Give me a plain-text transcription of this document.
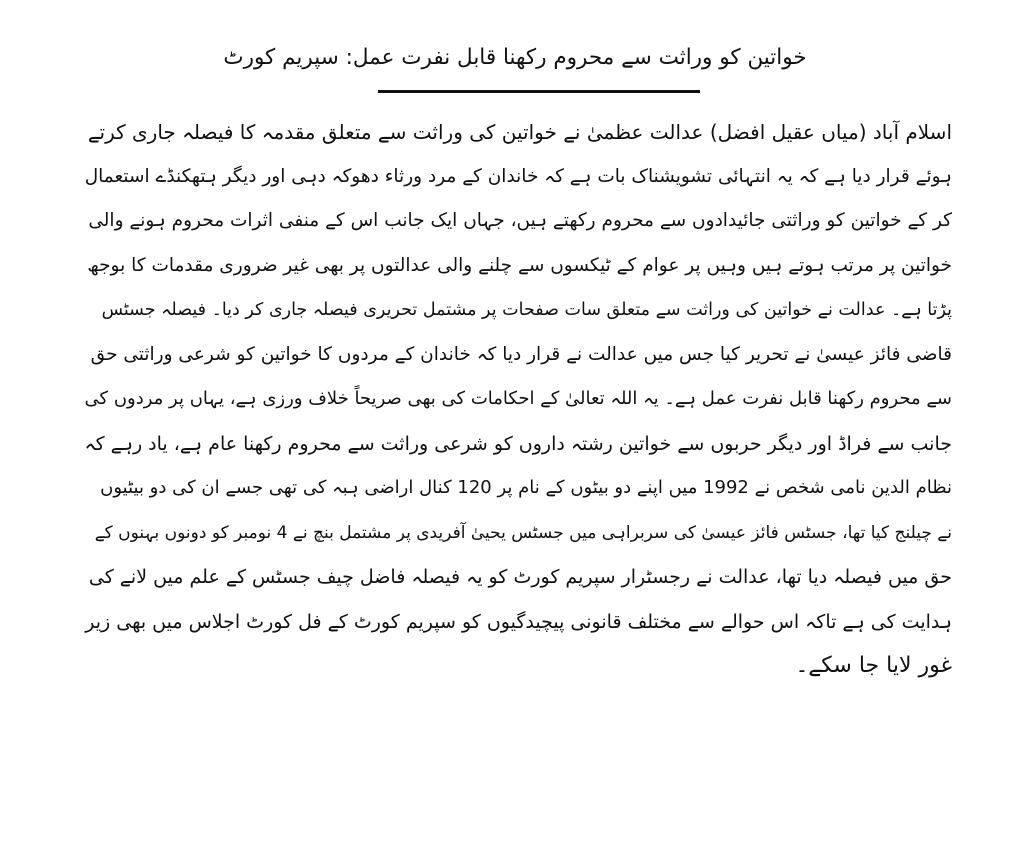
خواتین کو وراثت سے محروم رکھنا قابل نفرت عمل: سپریم کورٹ
اسلام آباد (میاں عقیل افضل) عدالت عظمیٰ نے خواتین کی وراثت سے متعلق مقدمہ کا فیصلہ جاری کرتے
ہوئے قرار دیا ہے کہ یہ انتہائی تشویشناک بات ہے کہ خاندان کے مرد ورثاء دھوکہ دہی اور دیگر ہتھکنڈے استعمال
کر کے خواتین کو وراثتی جائیدادوں سے محروم رکھتے ہیں، جہاں ایک جانب اس کے منفی اثرات محروم ہونے والی
خواتین پر مرتب ہوتے ہیں وہیں پر عوام کے ٹیکسوں سے چلنے والی عدالتوں پر بھی غیر ضروری مقدمات کا بوجھ
پڑتا ہے۔ عدالت نے خواتین کی وراثت سے متعلق سات صفحات پر مشتمل تحریری فیصلہ جاری کر دیا۔ فیصلہ جسٹس
قاضی فائز عیسیٰ نے تحریر کیا جس میں عدالت نے قرار دیا کہ خاندان کے مردوں کا خواتین کو شرعی وراثتی حق
سے محروم رکھنا قابل نفرت عمل ہے۔ یہ اللہ تعالیٰ کے احکامات کی بھی صریحاً خلاف ورزی ہے، یہاں پر مردوں کی
جانب سے فراڈ اور دیگر حربوں سے خواتین رشتہ داروں کو شرعی وراثت سے محروم رکھنا عام ہے، یاد رہے کہ
نظام الدین نامی شخص نے 1992 میں اپنے دو بیٹوں کے نام پر 120 کنال اراضی ہبہ کی تھی جسے ان کی دو بیٹیوں
نے چیلنج کیا تھا، جسٹس فائز عیسیٰ کی سربراہی میں جسٹس یحییٰ آفریدی پر مشتمل بنچ نے 4 نومبر کو دونوں بہنوں کے
حق میں فیصلہ دیا تھا، عدالت نے رجسٹرار سپریم کورٹ کو یہ فیصلہ فاضل چیف جسٹس کے علم میں لانے کی
ہدایت کی ہے تاکہ اس حوالے سے مختلف قانونی پیچیدگیوں کو سپریم کورٹ کے فل کورٹ اجلاس میں بھی زیر
غور لایا جا سکے۔
